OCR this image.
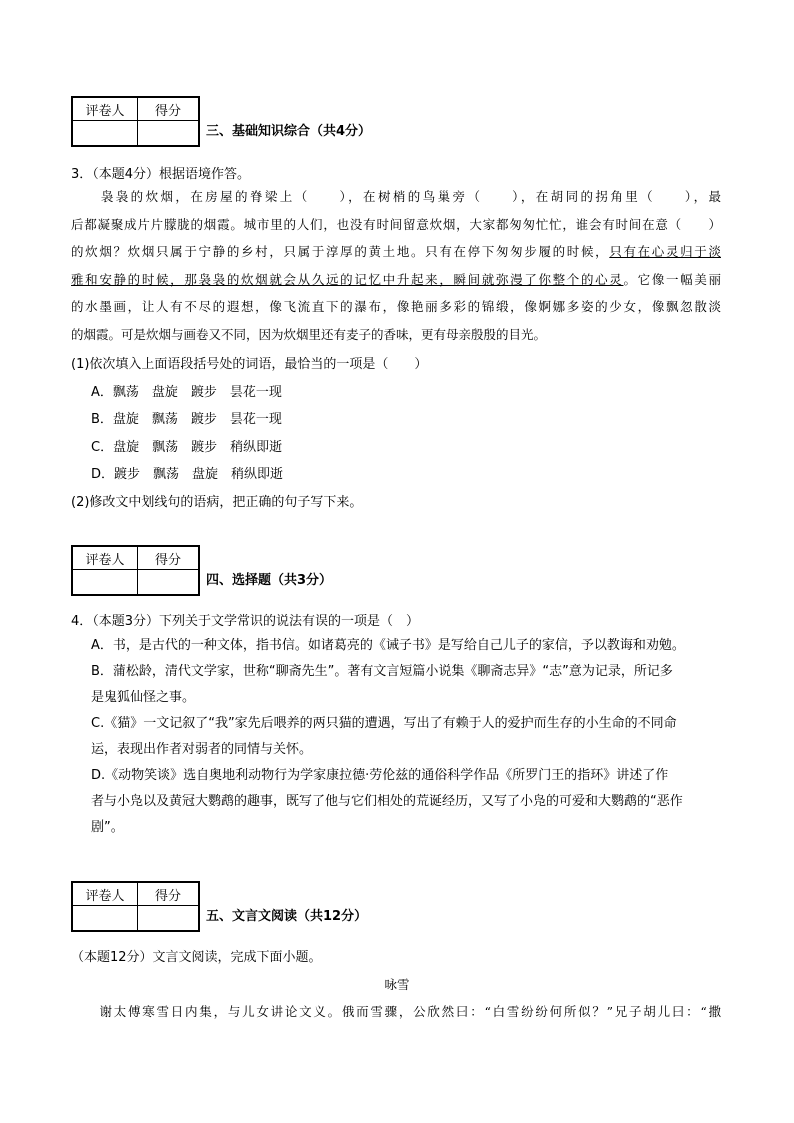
评卷人	得分

三、基础知识综合（共4分）
3．（本题4分）根据语境作答。

　　袅袅的炊烟，在房屋的脊梁上（　　），在树梢的鸟巢旁（　　），在胡同的拐角里（　　），最

后都凝聚成片片朦胧的烟霞。城市里的人们，也没有时间留意炊烟，大家都匆匆忙忙，谁会有时间在意（　　）

的炊烟？炊烟只属于宁静的乡村，只属于淳厚的黄土地。只有在停下匆匆步履的时候，只有在心灵归于淡

雅和安静的时候，那袅袅的炊烟就会从久远的记忆中升起来，瞬间就弥漫了你整个的心灵。它像一幅美丽

的水墨画，让人有不尽的遐想，像飞流直下的瀑布，像艳丽多彩的锦缎，像婀娜多姿的少女，像飘忽散淡

的烟霞。可是炊烟与画卷又不同，因为炊烟里还有麦子的香味，更有母亲殷殷的目光。

(1)依次填入上面语段括号处的词语，最恰当的一项是（　　）
A．飘荡　盘旋　踱步　昙花一现
B．盘旋　飘荡　踱步　昙花一现
C．盘旋　飘荡　踱步　稍纵即逝
D．踱步　飘荡　盘旋　稍纵即逝
(2)修改文中划线句的语病，把正确的句子写下来。
评卷人	得分

四、选择题（共3分）
4．（本题3分）下列关于文学常识的说法有误的一项是（　）

A．书，是古代的一种文体，指书信。如诸葛亮的《诫子书》是写给自己儿子的家信，予以教诲和劝勉。

B．蒲松龄，清代文学家，世称“聊斋先生”。著有文言短篇小说集《聊斋志异》“志”意为记录，所记多

是鬼狐仙怪之事。

C.《猫》一文记叙了“我”家先后喂养的两只猫的遭遇，写出了有赖于人的爱护而生存的小生命的不同命

运，表现出作者对弱者的同情与关怀。

D.《动物笑谈》选自奥地利动物行为学家康拉德·劳伦兹的通俗科学作品《所罗门王的指环》讲述了作

者与小凫以及黄冠大鹦鹉的趣事，既写了他与它们相处的荒诞经历，又写了小凫的可爱和大鹦鹉的“恶作

剧”。

评卷人	得分

五、文言文阅读（共12分）
（本题12分）文言文阅读，完成下面小题。
咏雪
　　谢太傅寒雪日内集，与儿女讲论文义。俄而雪骤，公欣然曰：“白雪纷纷何所似？”兄子胡儿曰：“撒
